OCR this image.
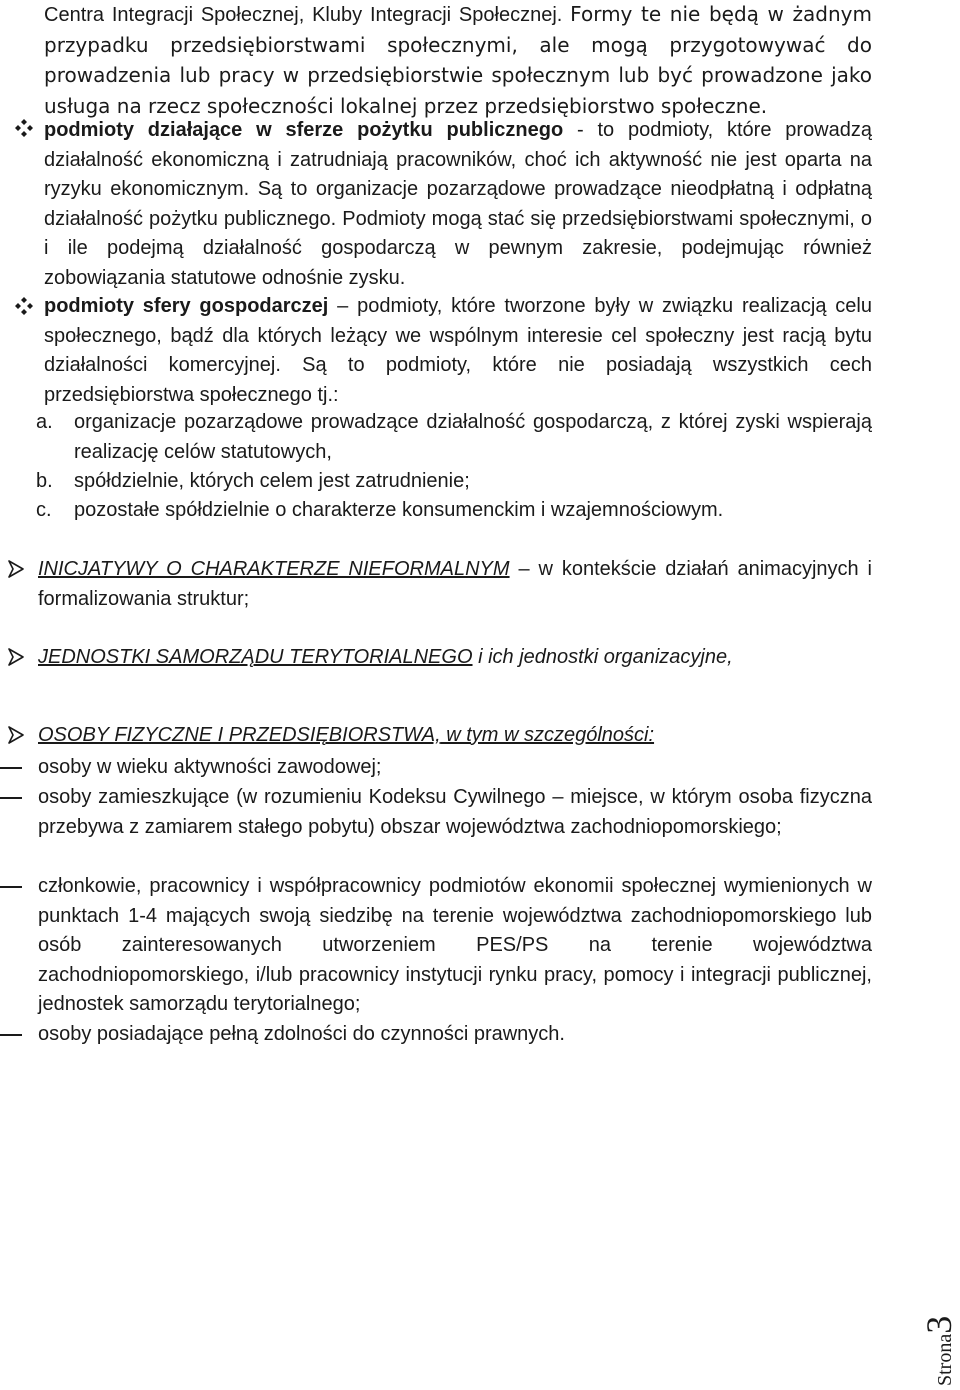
Centra Integracji Społecznej, Kluby Integracji Społecznej. Formy te nie będą w żadnym przypadku przedsiębiorstwami społecznymi, ale mogą przygotowywać do prowadzenia lub pracy w przedsiębiorstwie społecznym lub być prowadzone jako usługa na rzecz społeczności lokalnej przez przedsiębiorstwo społeczne.
podmioty działające w sferze pożytku publicznego - to podmioty, które prowadzą działalność ekonomiczną i zatrudniają pracowników, choć ich aktywność nie jest oparta na ryzyku ekonomicznym. Są to organizacje pozarządowe prowadzące nieodpłatną i odpłatną działalność pożytku publicznego. Podmioty mogą stać się przedsiębiorstwami społecznymi, o i ile podejmą działalność gospodarczą w pewnym zakresie, podejmując również zobowiązania statutowe odnośnie zysku.
podmioty sfery gospodarczej – podmioty, które tworzone były w związku realizacją celu społecznego, bądź dla których leżący we wspólnym interesie cel społeczny jest racją bytu działalności komercyjnej. Są to podmioty, które nie posiadają wszystkich cech przedsiębiorstwa społecznego tj.:
a. organizacje pozarządowe prowadzące działalność gospodarczą, z której zyski wspierają realizację celów statutowych,
b. spółdzielnie, których celem jest zatrudnienie;
c. pozostałe spółdzielnie o charakterze konsumenckim i wzajemnościowym.
INICJATYWY O CHARAKTERZE NIEFORMALNYM – w kontekście działań animacyjnych i formalizowania struktur;
JEDNOSTKI SAMORZĄDU TERYTORIALNEGO i ich jednostki organizacyjne,
OSOBY FIZYCZNE I PRZEDSIĘBIORSTWA, w tym w szczególności:
osoby w wieku aktywności zawodowej;
osoby zamieszkujące (w rozumieniu Kodeksu Cywilnego – miejsce, w którym osoba fizyczna przebywa z zamiarem stałego pobytu) obszar województwa zachodniopomorskiego;
członkowie, pracownicy i współpracownicy podmiotów ekonomii społecznej wymienionych w punktach 1-4 mających swoją siedzibę na terenie województwa zachodniopomorskiego lub osób zainteresowanych utworzeniem PES/PS na terenie województwa zachodniopomorskiego, i/lub pracownicy instytucji rynku pracy, pomocy i integracji publicznej, jednostek samorządu terytorialnego;
osoby posiadające pełną zdolności do czynności prawnych.
Strona3
